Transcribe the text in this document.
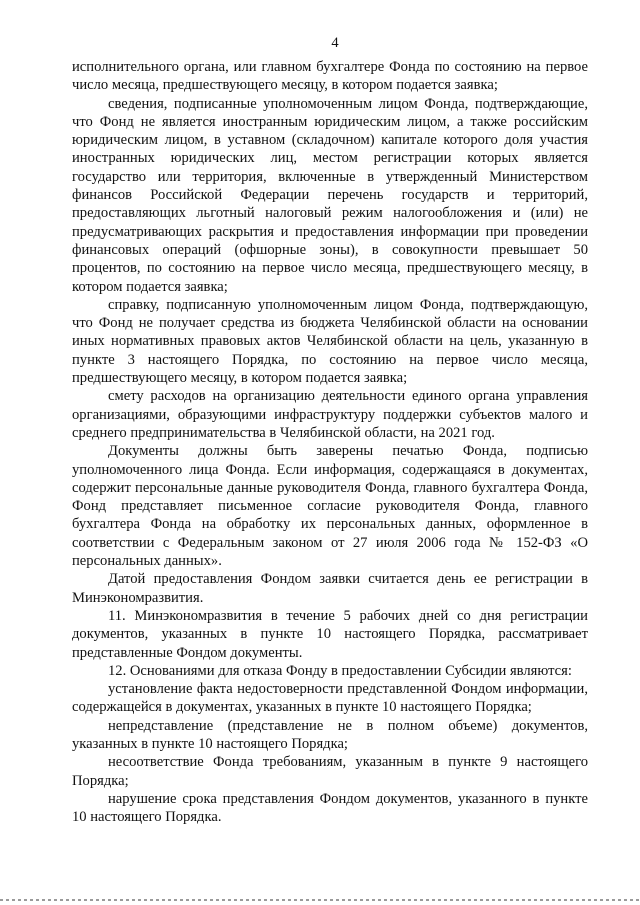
4

исполнительного органа, или главном бухгалтере Фонда по состоянию на первое число месяца, предшествующего месяцу, в котором подается заявка;

сведения, подписанные уполномоченным лицом Фонда, подтверждающие, что Фонд не является иностранным юридическим лицом, а также российским юридическим лицом, в уставном (складочном) капитале которого доля участия иностранных юридических лиц, местом регистрации которых является государство или территория, включенные в утвержденный Министерством финансов Российской Федерации перечень государств и территорий, предоставляющих льготный налоговый режим налогообложения и (или) не предусматривающих раскрытия и предоставления информации при проведении финансовых операций (офшорные зоны), в совокупности превышает 50 процентов, по состоянию на первое число месяца, предшествующего месяцу, в котором подается заявка;

справку, подписанную уполномоченным лицом Фонда, подтверждающую, что Фонд не получает средства из бюджета Челябинской области на основании иных нормативных правовых актов Челябинской области на цель, указанную в пункте 3 настоящего Порядка, по состоянию на первое число месяца, предшествующего месяцу, в котором подается заявка;

смету расходов на организацию деятельности единого органа управления организациями, образующими инфраструктуру поддержки субъектов малого и среднего предпринимательства в Челябинской области, на 2021 год.

Документы должны быть заверены печатью Фонда, подписью уполномоченного лица Фонда. Если информация, содержащаяся в документах, содержит персональные данные руководителя Фонда, главного бухгалтера Фонда, Фонд представляет письменное согласие руководителя Фонда, главного бухгалтера Фонда на обработку их персональных данных, оформленное в соответствии с Федеральным законом от 27 июля 2006 года № 152-ФЗ «О персональных данных».

Датой предоставления Фондом заявки считается день ее регистрации в Минэкономразвития.

11. Минэкономразвития в течение 5 рабочих дней со дня регистрации документов, указанных в пункте 10 настоящего Порядка, рассматривает представленные Фондом документы.

12. Основаниями для отказа Фонду в предоставлении Субсидии являются:

установление факта недостоверности представленной Фондом информации, содержащейся в документах, указанных в пункте 10 настоящего Порядка;

непредставление (представление не в полном объеме) документов, указанных в пункте 10 настоящего Порядка;

несоответствие Фонда требованиям, указанным в пункте 9 настоящего Порядка;

нарушение срока представления Фондом документов, указанного в пункте 10 настоящего Порядка.
